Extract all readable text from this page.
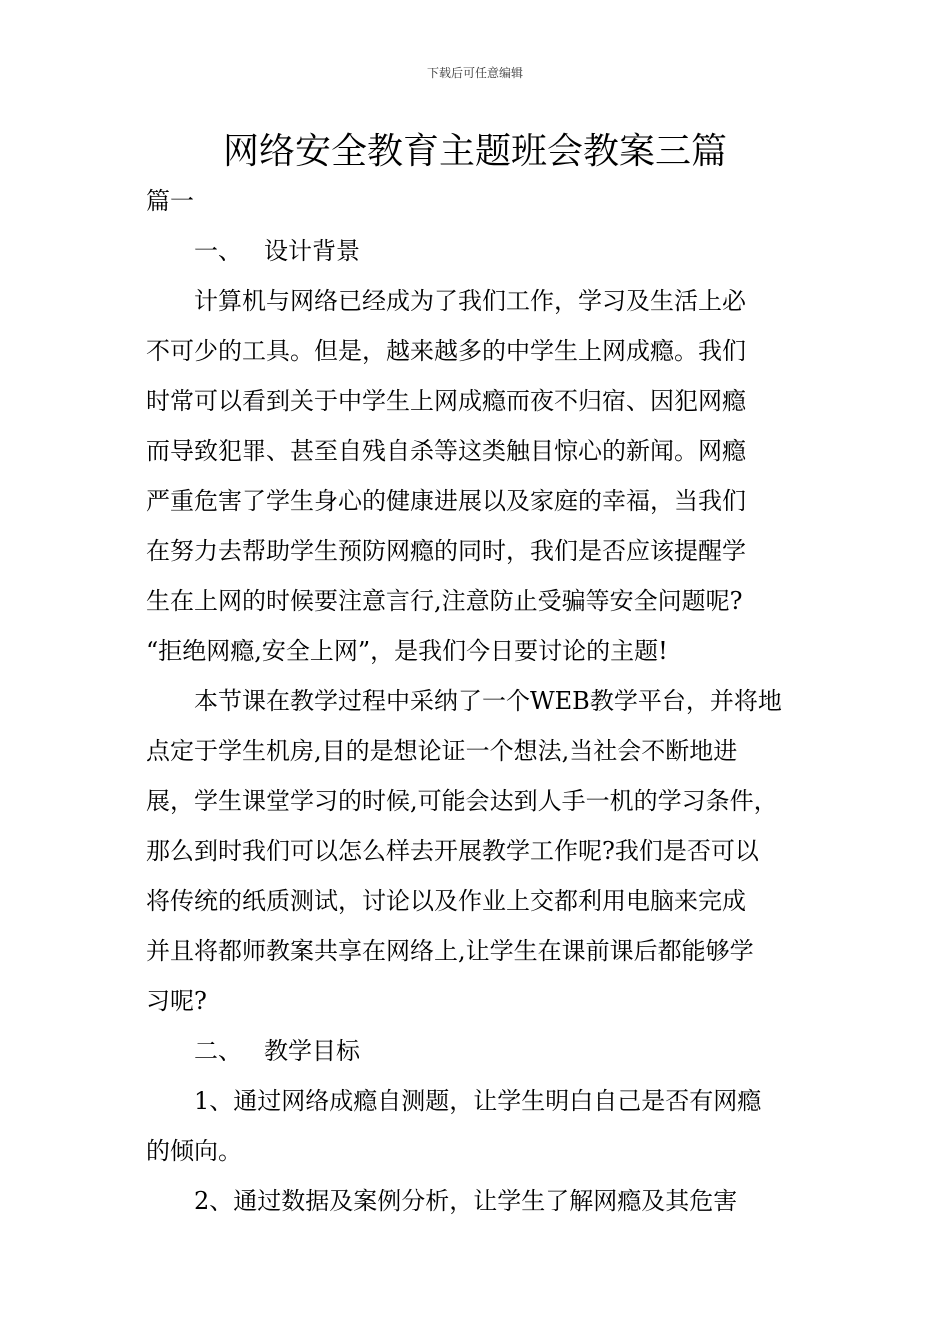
下载后可任意编辑
网络安全教育主题班会教案三篇
篇一
一、 设计背景
计算机与网络已经成为了我们工作，学习及生活上必
不可少的工具。但是，越来越多的中学生上网成瘾。我们
时常可以看到关于中学生上网成瘾而夜不归宿、因犯网瘾
而导致犯罪、甚至自残自杀等这类触目惊心的新闻。网瘾
严重危害了学生身心的健康进展以及家庭的幸福，当我们
在努力去帮助学生预防网瘾的同时，我们是否应该提醒学
生在上网的时候要注意言行,注意防止受骗等安全问题呢?
“拒绝网瘾,安全上网”，是我们今日要讨论的主题!
本节课在教学过程中采纳了一个WEB教学平台，并将地
点定于学生机房,目的是想论证一个想法,当社会不断地进
展，学生课堂学习的时候,可能会达到人手一机的学习条件，
那么到时我们可以怎么样去开展教学工作呢?我们是否可以
将传统的纸质测试，讨论以及作业上交都利用电脑来完成
并且将都师教案共享在网络上,让学生在课前课后都能够学
习呢?
二、 教学目标
1、通过网络成瘾自测题，让学生明白自己是否有网瘾
的倾向。
2、通过数据及案例分析，让学生了解网瘾及其危害
